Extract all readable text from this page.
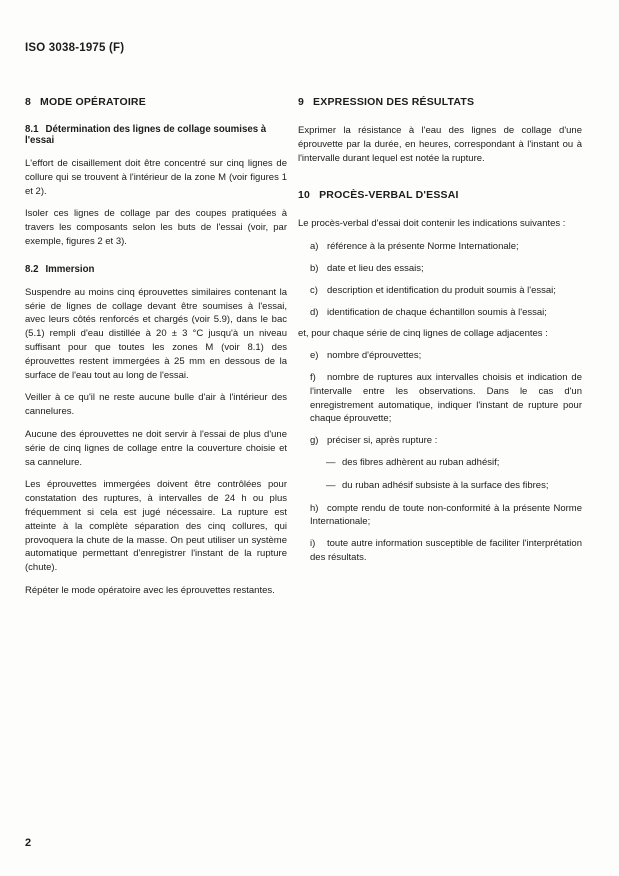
ISO 3038-1975 (F)
8 MODE OPÉRATOIRE
8.1 Détermination des lignes de collage soumises à l'essai

L'effort de cisaillement doit être concentré sur cinq lignes de collure qui se trouvent à l'intérieur de la zone M (voir figures 1 et 2).

Isoler ces lignes de collage par des coupes pratiquées à travers les composants selon les buts de l'essai (voir, par exemple, figures 2 et 3).

8.2 Immersion

Suspendre au moins cinq éprouvettes similaires contenant la série de lignes de collage devant être soumises à l'essai, avec leurs côtés renforcés et chargés (voir 5.9), dans le bac (5.1) rempli d'eau distillée à 20 ± 3 °C jusqu'à un niveau suffisant pour que toutes les zones M (voir 8.1) des éprouvettes restent immergées à 25 mm en dessous de la surface de l'eau tout au long de l'essai.

Veiller à ce qu'il ne reste aucune bulle d'air à l'intérieur des cannelures.

Aucune des éprouvettes ne doit servir à l'essai de plus d'une série de cinq lignes de collage entre la couverture choisie et sa cannelure.

Les éprouvettes immergées doivent être contrôlées pour constatation des ruptures, à intervalles de 24 h ou plus fréquemment si cela est jugé nécessaire. La rupture est atteinte à la complète séparation des cinq collures, qui provoquera la chute de la masse. On peut utiliser un système automatique permettant d'enregistrer l'instant de la rupture (chute).

Répéter le mode opératoire avec les éprouvettes restantes.

9 EXPRESSION DES RÉSULTATS

Exprimer la résistance à l'eau des lignes de collage d'une éprouvette par la durée, en heures, correspondant à l'instant ou à l'intervalle durant lequel est notée la rupture.

10 PROCÈS-VERBAL D'ESSAI

Le procès-verbal d'essai doit contenir les indications suivantes :

a) référence à la présente Norme Internationale;

b) date et lieu des essais;

c) description et identification du produit soumis à l'essai;

d) identification de chaque échantillon soumis à l'essai;

et, pour chaque série de cinq lignes de collage adjacentes :

e) nombre d'éprouvettes;

f) nombre de ruptures aux intervalles choisis et indication de l'intervalle entre les observations. Dans le cas d'un enregistrement automatique, indiquer l'instant de rupture pour chaque éprouvette;

g) préciser si, après rupture :

— des fibres adhèrent au ruban adhésif;

— du ruban adhésif subsiste à la surface des fibres;

h) compte rendu de toute non-conformité à la présente Norme Internationale;

i) toute autre information susceptible de faciliter l'interprétation des résultats.

2
